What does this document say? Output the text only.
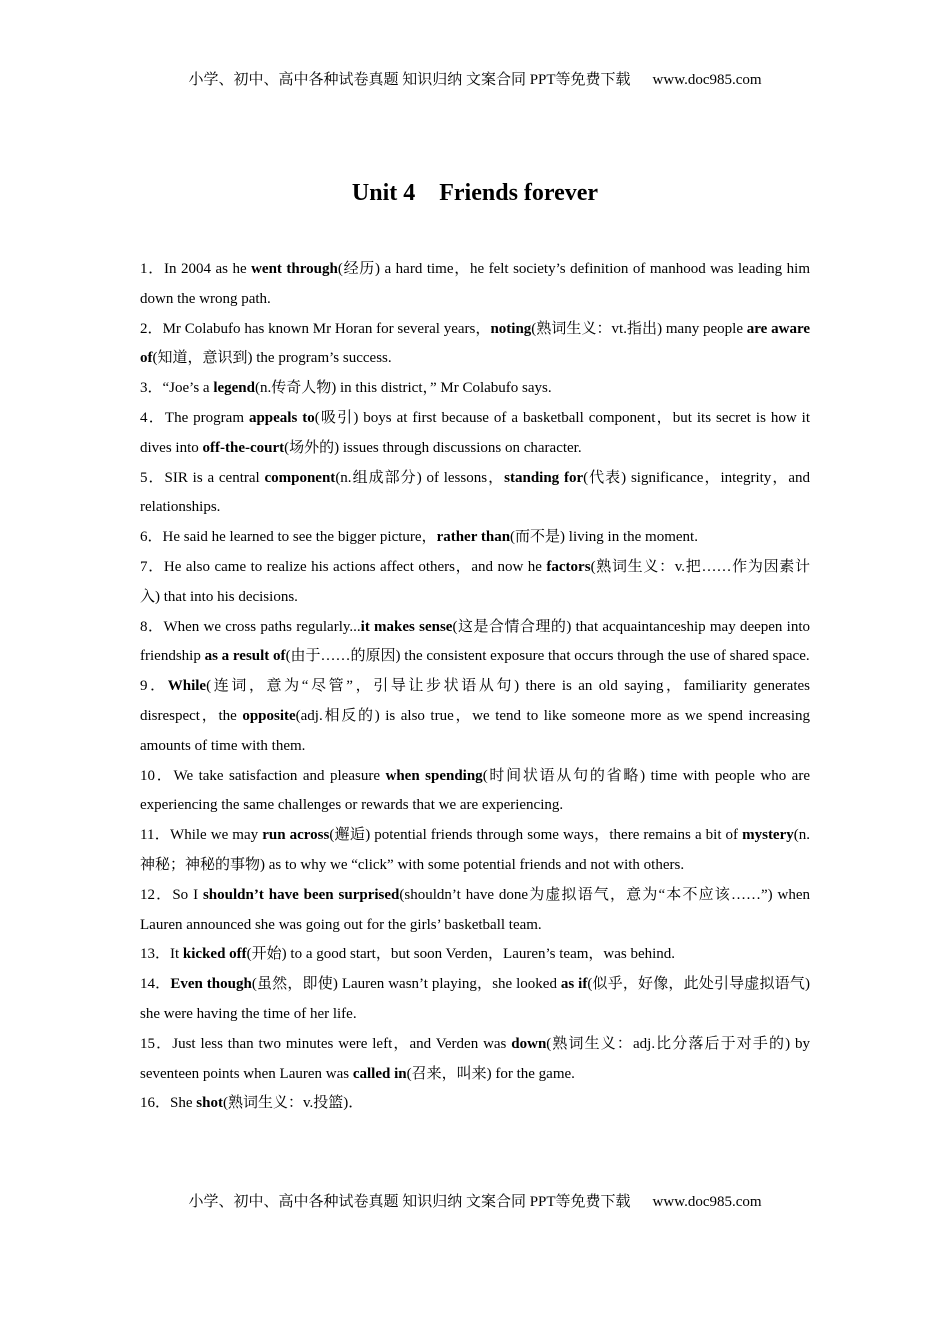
小学、初中、高中各种试卷真题 知识归纳 文案合同 PPT等免费下载 www.doc985.com
Unit 4　Friends forever

1．In 2004 as he went through(经历) a hard time，he felt society’s definition of manhood was leading him down the wrong path.

2．Mr Colabufo has known Mr Horan for several years，noting(熟词生义：vt.指出) many people are aware of(知道，意识到) the program’s success.

3．“Joe’s a legend(n.传奇人物) in this district，” Mr Colabufo says.

4．The program appeals to(吸引) boys at first because of a basketball component，but its secret is how it dives into off-the-court(场外的) issues through discussions on character.

5．SIR is a central component(n.组成部分) of lessons，standing for(代表) significance，integrity，and relationships.

6．He said he learned to see the bigger picture，rather than(而不是) living in the moment.

7．He also came to realize his actions affect others，and now he factors(熟词生义：v.把……作为因素计入) that into his decisions.

8．When we cross paths regularly...it makes sense(这是合情合理的) that acquaintanceship may deepen into friendship as a result of(由于……的原因) the consistent exposure that occurs through the use of shared space.

9．While(连词，意为“尽管”，引导让步状语从句) there is an old saying，familiarity generates disrespect，the opposite(adj.相反的) is also true，we tend to like someone more as we spend increasing amounts of time with them.

10．We take satisfaction and pleasure when spending(时间状语从句的省略) time with people who are experiencing the same challenges or rewards that we are experiencing.

11．While we may run across(邂逅) potential friends through some ways，there remains a bit of mystery(n.神秘；神秘的事物) as to why we “click” with some potential friends and not with others.

12．So I shouldn’t have been surprised(shouldn’t have done为虚拟语气，意为“本不应该……”) when Lauren announced she was going out for the girls’ basketball team.

13．It kicked off(开始) to a good start，but soon Verden，Lauren’s team，was behind.

14．Even though(虽然，即使) Lauren wasn’t playing，she looked as if(似乎，好像，此处引导虚拟语气) she were having the time of her life.

15．Just less than two minutes were left，and Verden was down(熟词生义：adj.比分落后于对手的) by seventeen points when Lauren was called in(召来，叫来) for the game.

16．She shot(熟词生义：v.投篮)．

小学、初中、高中各种试卷真题 知识归纳 文案合同 PPT等免费下载 www.doc985.com
